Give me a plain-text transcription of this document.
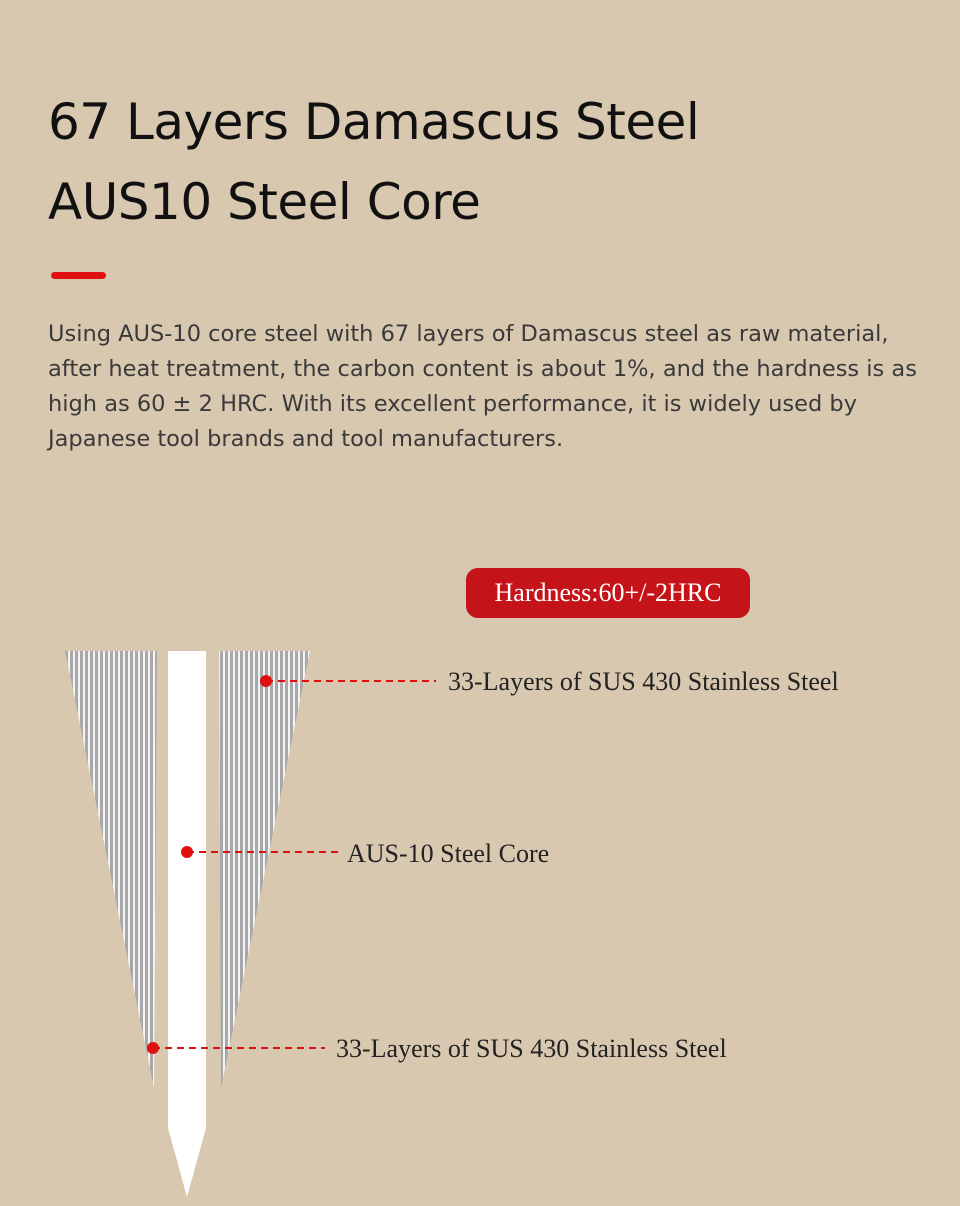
67 Layers Damascus Steel
AUS10 Steel Core

Using AUS-10 core steel with 67 layers of Damascus steel as raw material, after heat treatment, the carbon content is about 1%, and the hardness is as high as 60 ± 2 HRC. With its excellent performance, it is widely used by Japanese tool brands and tool manufacturers.

33-Layers of SUS 430 Stainless Steel
AUS-10 Steel Core
33-Layers of SUS 430 Stainless Steel
Hardness:60+/-2HRC
